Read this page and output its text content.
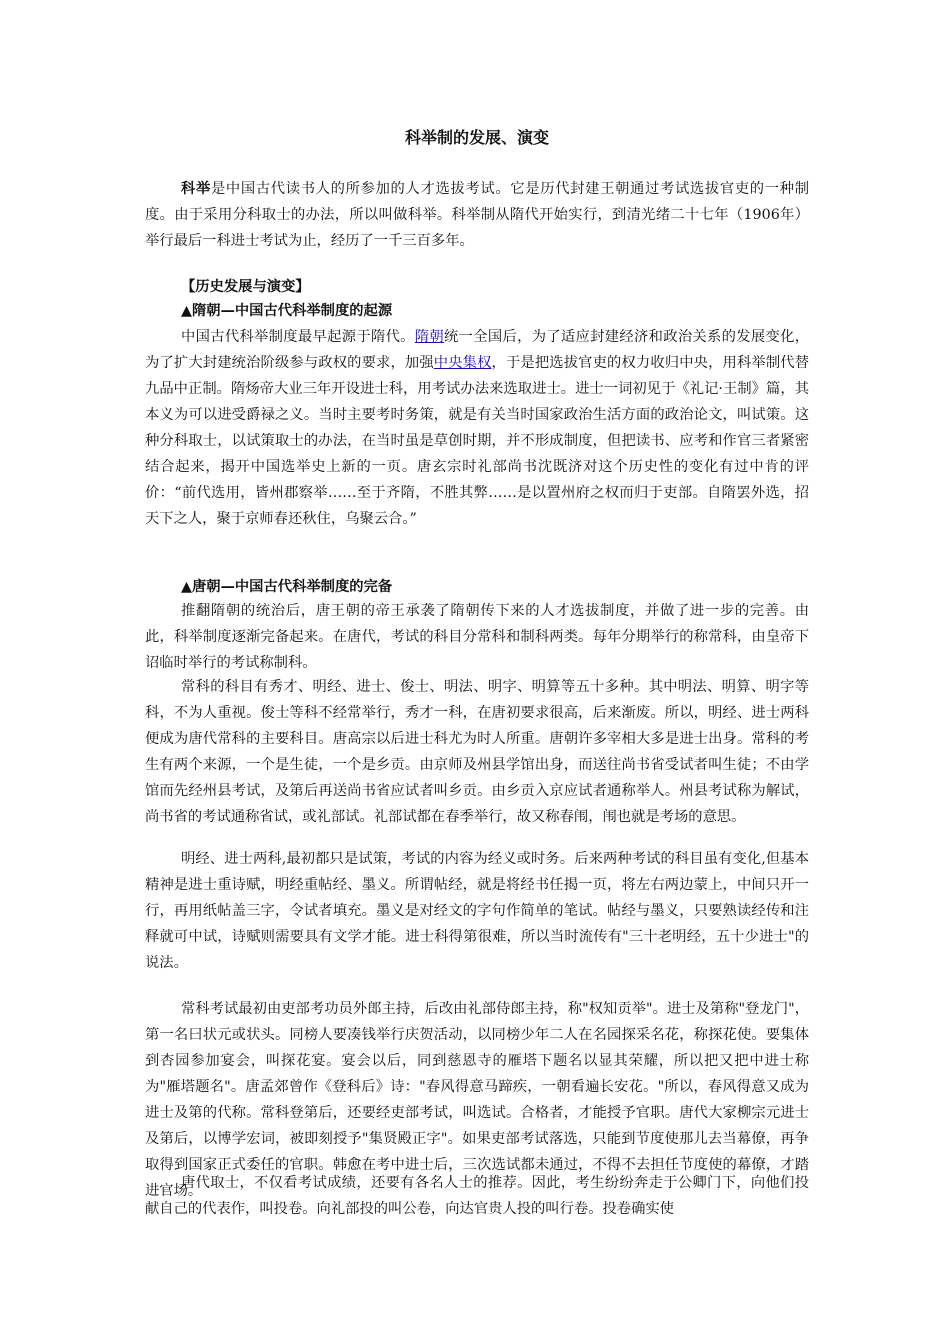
科举制的发展、演变

科举是中国古代读书人的所参加的人才选拔考试。它是历代封建王朝通过考试选拔官吏的一种制度。由于采用分科取士的办法，所以叫做科举。科举制从隋代开始实行，到清光绪二十七年（1906年）举行最后一科进士考试为止，经历了一千三百多年。

【历史发展与演变】

▲隋朝—中国古代科举制度的起源

中国古代科举制度最早起源于隋代。隋朝统一全国后，为了适应封建经济和政治关系的发展变化，为了扩大封建统治阶级参与政权的要求，加强中央集权，于是把选拔官吏的权力收归中央，用科举制代替九品中正制。隋炀帝大业三年开设进士科，用考试办法来选取进士。进士一词初见于《礼记·王制》篇，其本义为可以进受爵禄之义。当时主要考时务策，就是有关当时国家政治生活方面的政治论文，叫试策。这种分科取士，以试策取士的办法，在当时虽是草创时期，并不形成制度，但把读书、应考和作官三者紧密结合起来，揭开中国选举史上新的一页。唐玄宗时礼部尚书沈既济对这个历史性的变化有过中肯的评价：“前代选用，皆州郡察举……至于齐隋，不胜其弊……是以置州府之权而归于吏部。自隋罢外选，招天下之人，聚于京师春还秋住，乌聚云合。”

▲唐朝—中国古代科举制度的完备

推翻隋朝的统治后，唐王朝的帝王承袭了隋朝传下来的人才选拔制度，并做了进一步的完善。由此，科举制度逐渐完备起来。在唐代，考试的科目分常科和制科两类。每年分期举行的称常科，由皇帝下诏临时举行的考试称制科。

常科的科目有秀才、明经、进士、俊士、明法、明字、明算等五十多种。其中明法、明算、明字等科，不为人重视。俊士等科不经常举行，秀才一科，在唐初要求很高，后来渐废。所以，明经、进士两科便成为唐代常科的主要科目。唐高宗以后进士科尤为时人所重。唐朝许多宰相大多是进士出身。常科的考生有两个来源，一个是生徒，一个是乡贡。由京师及州县学馆出身，而送往尚书省受试者叫生徒；不由学馆而先经州县考试，及第后再送尚书省应试者叫乡贡。由乡贡入京应试者通称举人。州县考试称为解试，尚书省的考试通称省试，或礼部试。礼部试都在春季举行，故又称春闱，闱也就是考场的意思。

明经、进士两科,最初都只是试策，考试的内容为经义或时务。后来两种考试的科目虽有变化,但基本精神是进士重诗赋，明经重帖经、墨义。所谓帖经，就是将经书任揭一页，将左右两边蒙上，中间只开一行，再用纸帖盖三字，令试者填充。墨义是对经文的字句作简单的笔试。帖经与墨义，只要熟读经传和注释就可中试，诗赋则需要具有文学才能。进士科得第很难，所以当时流传有"三十老明经，五十少进士"的说法。

常科考试最初由吏部考功员外郎主持，后改由礼部侍郎主持，称"权知贡举"。进士及第称"登龙门"，第一名曰状元或状头。同榜人要凑钱举行庆贺活动，以同榜少年二人在名园探采名花，称探花使。要集体到杏园参加宴会，叫探花宴。宴会以后，同到慈恩寺的雁塔下题名以显其荣耀，所以把又把中进士称为"雁塔题名"。唐孟郊曾作《登科后》诗："春风得意马蹄疾，一朝看遍长安花。"所以，春风得意又成为进士及第的代称。常科登第后，还要经吏部考试，叫选试。合格者，才能授予官职。唐代大家柳宗元进士及第后，以博学宏词，被即刻授予"集贤殿正字"。如果吏部考试落选，只能到节度使那儿去当幕僚，再争取得到国家正式委任的官职。韩愈在考中进士后，三次选试都未通过，不得不去担任节度使的幕僚，才踏进官场。

唐代取士，不仅看考试成绩，还要有各名人士的推荐。因此，考生纷纷奔走于公卿门下，向他们投献自己的代表作，叫投卷。向礼部投的叫公卷，向达官贵人投的叫行卷。投卷确实使
